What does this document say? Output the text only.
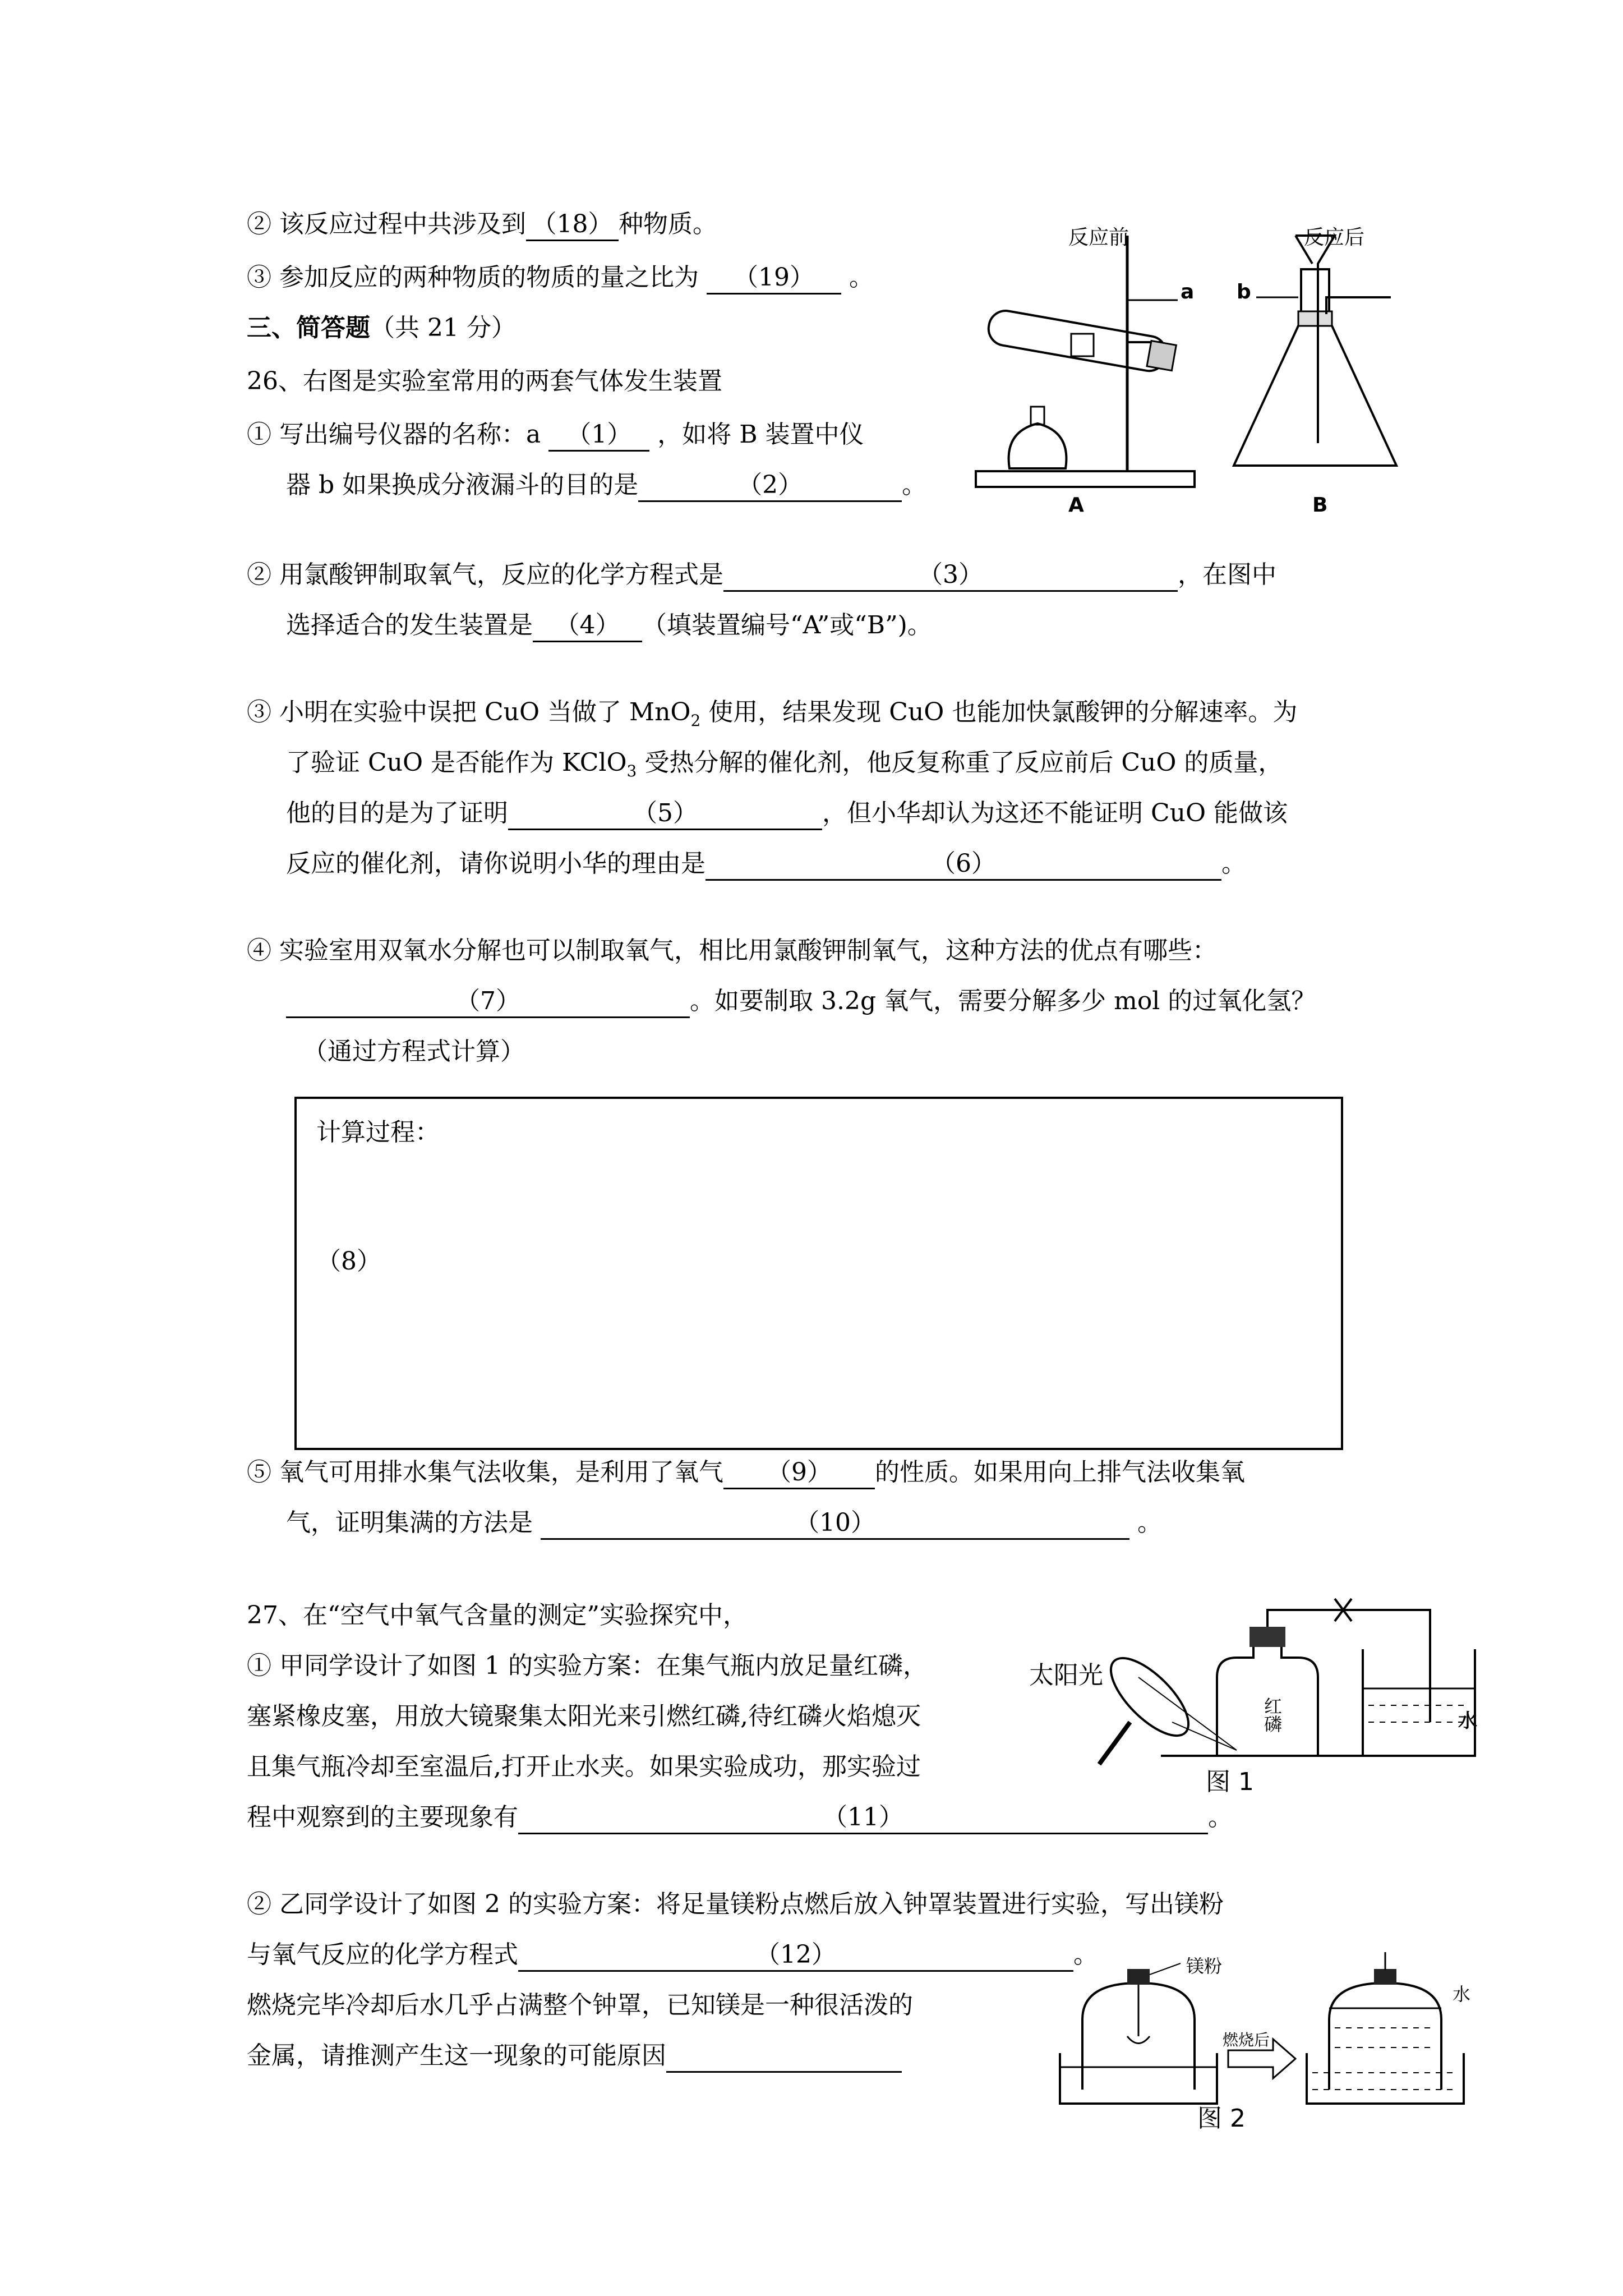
② 该反应过程中共涉及到 （18） 种物质。
③ 参加反应的两种物质的物质的量之比为 （19） 。
三、简答题（共 21 分）
26、右图是实验室常用的两套气体发生装置
① 写出编号仪器的名称：a （1） ，如将 B 装置中仪
器 b 如果换成分液漏斗的目的是	（2）	。
反应前	反应后
a b
A	B
② 用氯酸钾制取氧气，反应的化学方程式是	（3）	，在图中
选择适合的发生装置是 （4） （填装置编号“A”或“B”)。
③ 小明在实验中误把 CuO 当做了 MnO$_2$ 使用，结果发现 CuO 也能加快氯酸钾的分解速率。为
了验证 CuO 是否能作为 KClO$_3$ 受热分解的催化剂，他反复称重了反应前后 CuO 的质量，
他的目的是为了证明	（5）	，但小华却认为这还不能证明 CuO 能做该
反应的催化剂，请你说明小华的理由是	（6）	。
④ 实验室用双氧水分解也可以制取氧气，相比用氯酸钾制氧气，这种方法的优点有哪些：
（7）	。如要制取 3.2g 氧气，需要分解多少 mol 的过氧化氢？
（通过方程式计算）
计算过程：
（8）
⑤ 氧气可用排水集气法收集，是利用了氧气 （9） 的性质。如果用向上排气法收集氧
气，证明集满的方法是	（10）	。
27、在“空气中氧气含量的测定”实验探究中，
① 甲同学设计了如图 1 的实验方案：在集气瓶内放足量红磷，
塞紧橡皮塞，用放大镜聚集太阳光来引燃红磷,待红磷火焰熄灭
且集气瓶冷却至室温后,打开止水夹。如果实验成功，那实验过
程中观察到的主要现象有	（11）	。
太阳光
红磷	水
图 1
② 乙同学设计了如图 2 的实验方案：将足量镁粉点燃后放入钟罩装置进行实验，写出镁粉
与氧气反应的化学方程式	（12）	。
燃烧完毕冷却后水几乎占满整个钟罩，已知镁是一种很活泼的
金属，请推测产生这一现象的可能原因
镁粉
燃烧后
水
图 2
